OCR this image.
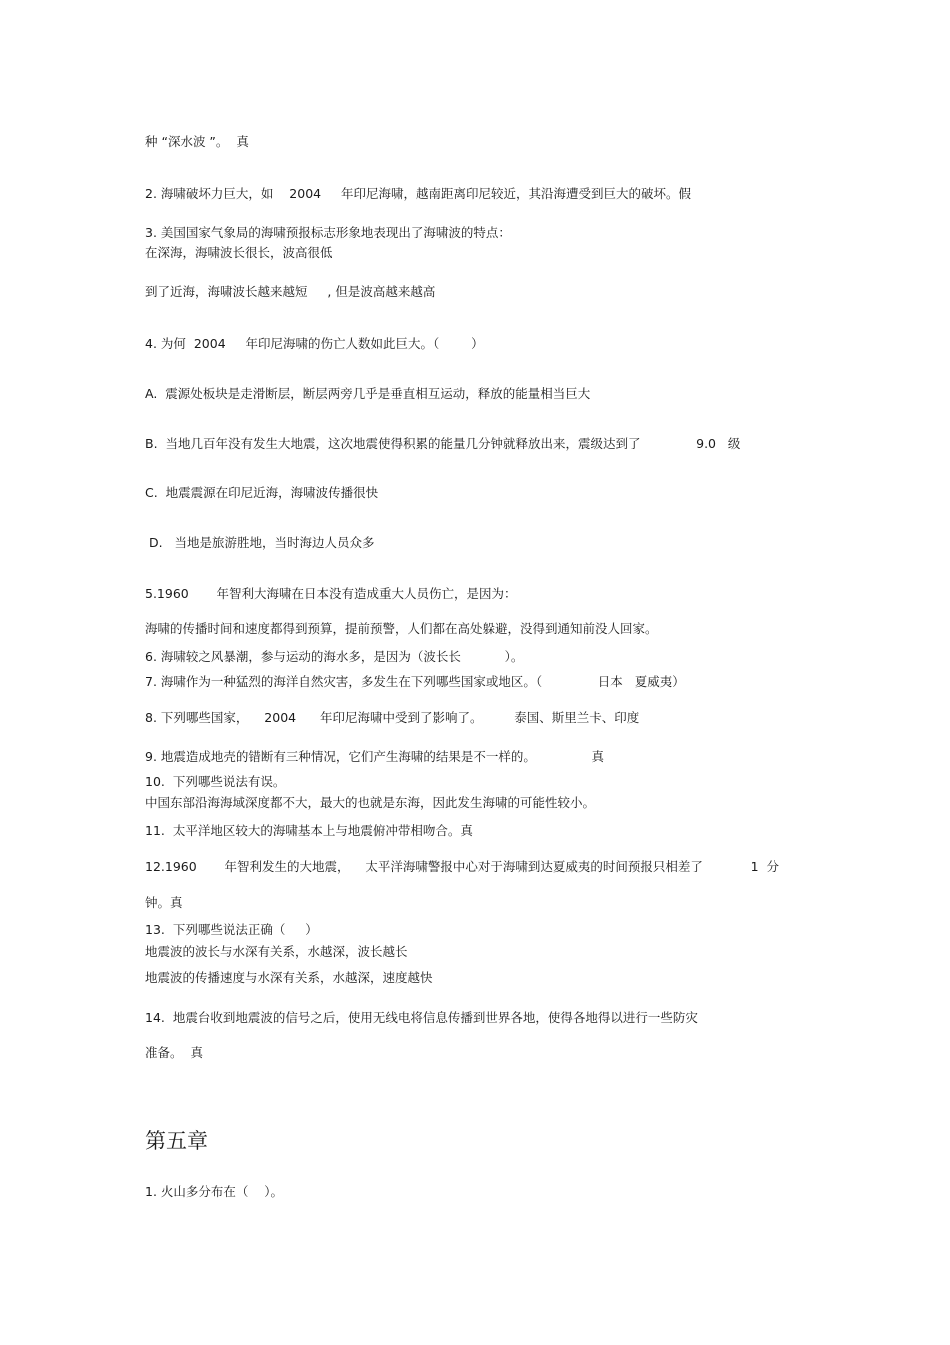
种 “深水波 ”。  真

2. 海啸破坏力巨大，如    2004     年印尼海啸，越南距离印尼较近，其沿海遭受到巨大的破坏。假

3. 美国国家气象局的海啸预报标志形象地表现出了海啸波的特点：

在深海，海啸波长很长，波高很低

到了近海，海啸波长越来越短     , 但是波高越来越高

4. 为何  2004     年印尼海啸的伤亡人数如此巨大。（        ）

A.  震源处板块是走滑断层，断层两旁几乎是垂直相互运动，释放的能量相当巨大

B.  当地几百年没有发生大地震，这次地震使得积累的能量几分钟就释放出来，震级达到了              9.0   级

C.  地震震源在印尼近海，海啸波传播很快

D.   当地是旅游胜地，当时海边人员众多

5.1960       年智利大海啸在日本没有造成重大人员伤亡，是因为：

海啸的传播时间和速度都得到预算，提前预警，人们都在高处躲避，没得到通知前没人回家。

6. 海啸较之风暴潮，参与运动的海水多，是因为（波长长           ）。

7. 海啸作为一种猛烈的海洋自然灾害，多发生在下列哪些国家或地区。（              日本   夏威夷）

8. 下列哪些国家，    2004      年印尼海啸中受到了影响了。        泰国、斯里兰卡、印度

9. 地震造成地壳的错断有三种情况，它们产生海啸的结果是不一样的。              真

10.  下列哪些说法有误。

中国东部沿海海域深度都不大，最大的也就是东海，因此发生海啸的可能性较小。

11.  太平洋地区较大的海啸基本上与地震俯冲带相吻合。真

12.1960       年智利发生的大地震，    太平洋海啸警报中心对于海啸到达夏威夷的时间预报只相差了            1  分

钟。真

13.  下列哪些说法正确（     ）

地震波的波长与水深有关系，水越深，波长越长

地震波的传播速度与水深有关系，水越深，速度越快

14.  地震台收到地震波的信号之后，使用无线电将信息传播到世界各地，使得各地得以进行一些防灾

准备。  真

第五章

1. 火山多分布在（    ）。
